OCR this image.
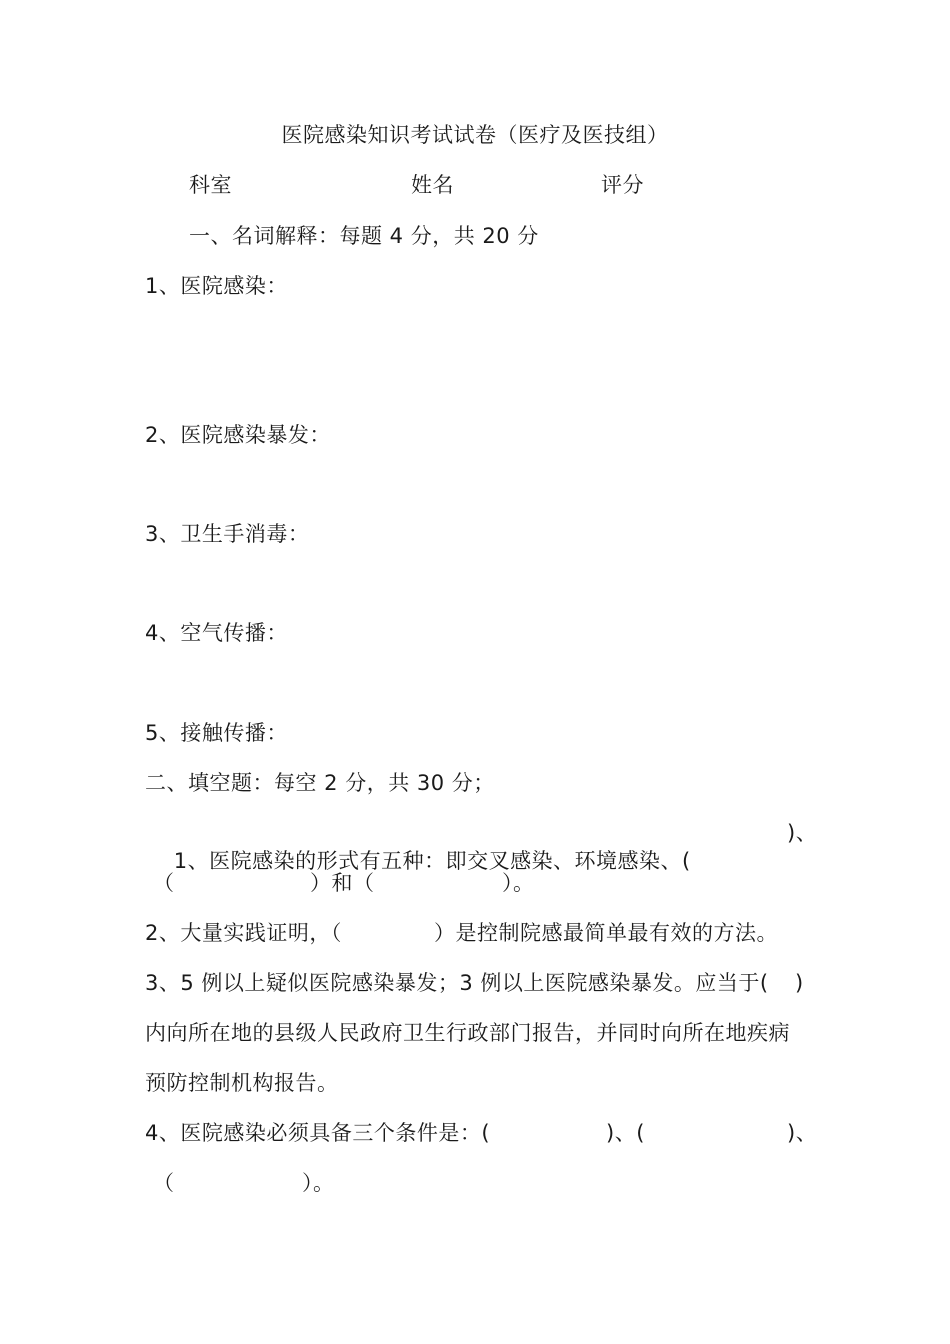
医院感染知识考试试卷（医疗及医技组）
科室	姓名	评分
一、名词解释：每题 4 分，共 20 分
1、医院感染：
2、医院感染暴发：
3、卫生手消毒：
4、空气传播：
5、接触传播：
二、填空题：每空 2 分，共 30 分；

1、医院感染的形式有五种：即交叉感染、环境感染、(

)、
（	）和（	）。
2、大量实践证明，（	）是控制院感最简单最有效的方法。
3、5 例以上疑似医院感染暴发；3 例以上医院感染暴发。应当于( )
内向所在地的县级人民政府卫生行政部门报告，并同时向所在地疾病
预防控制机构报告。
4、医院感染必须具备三个条件是：(	)、(	)、
（	）。
